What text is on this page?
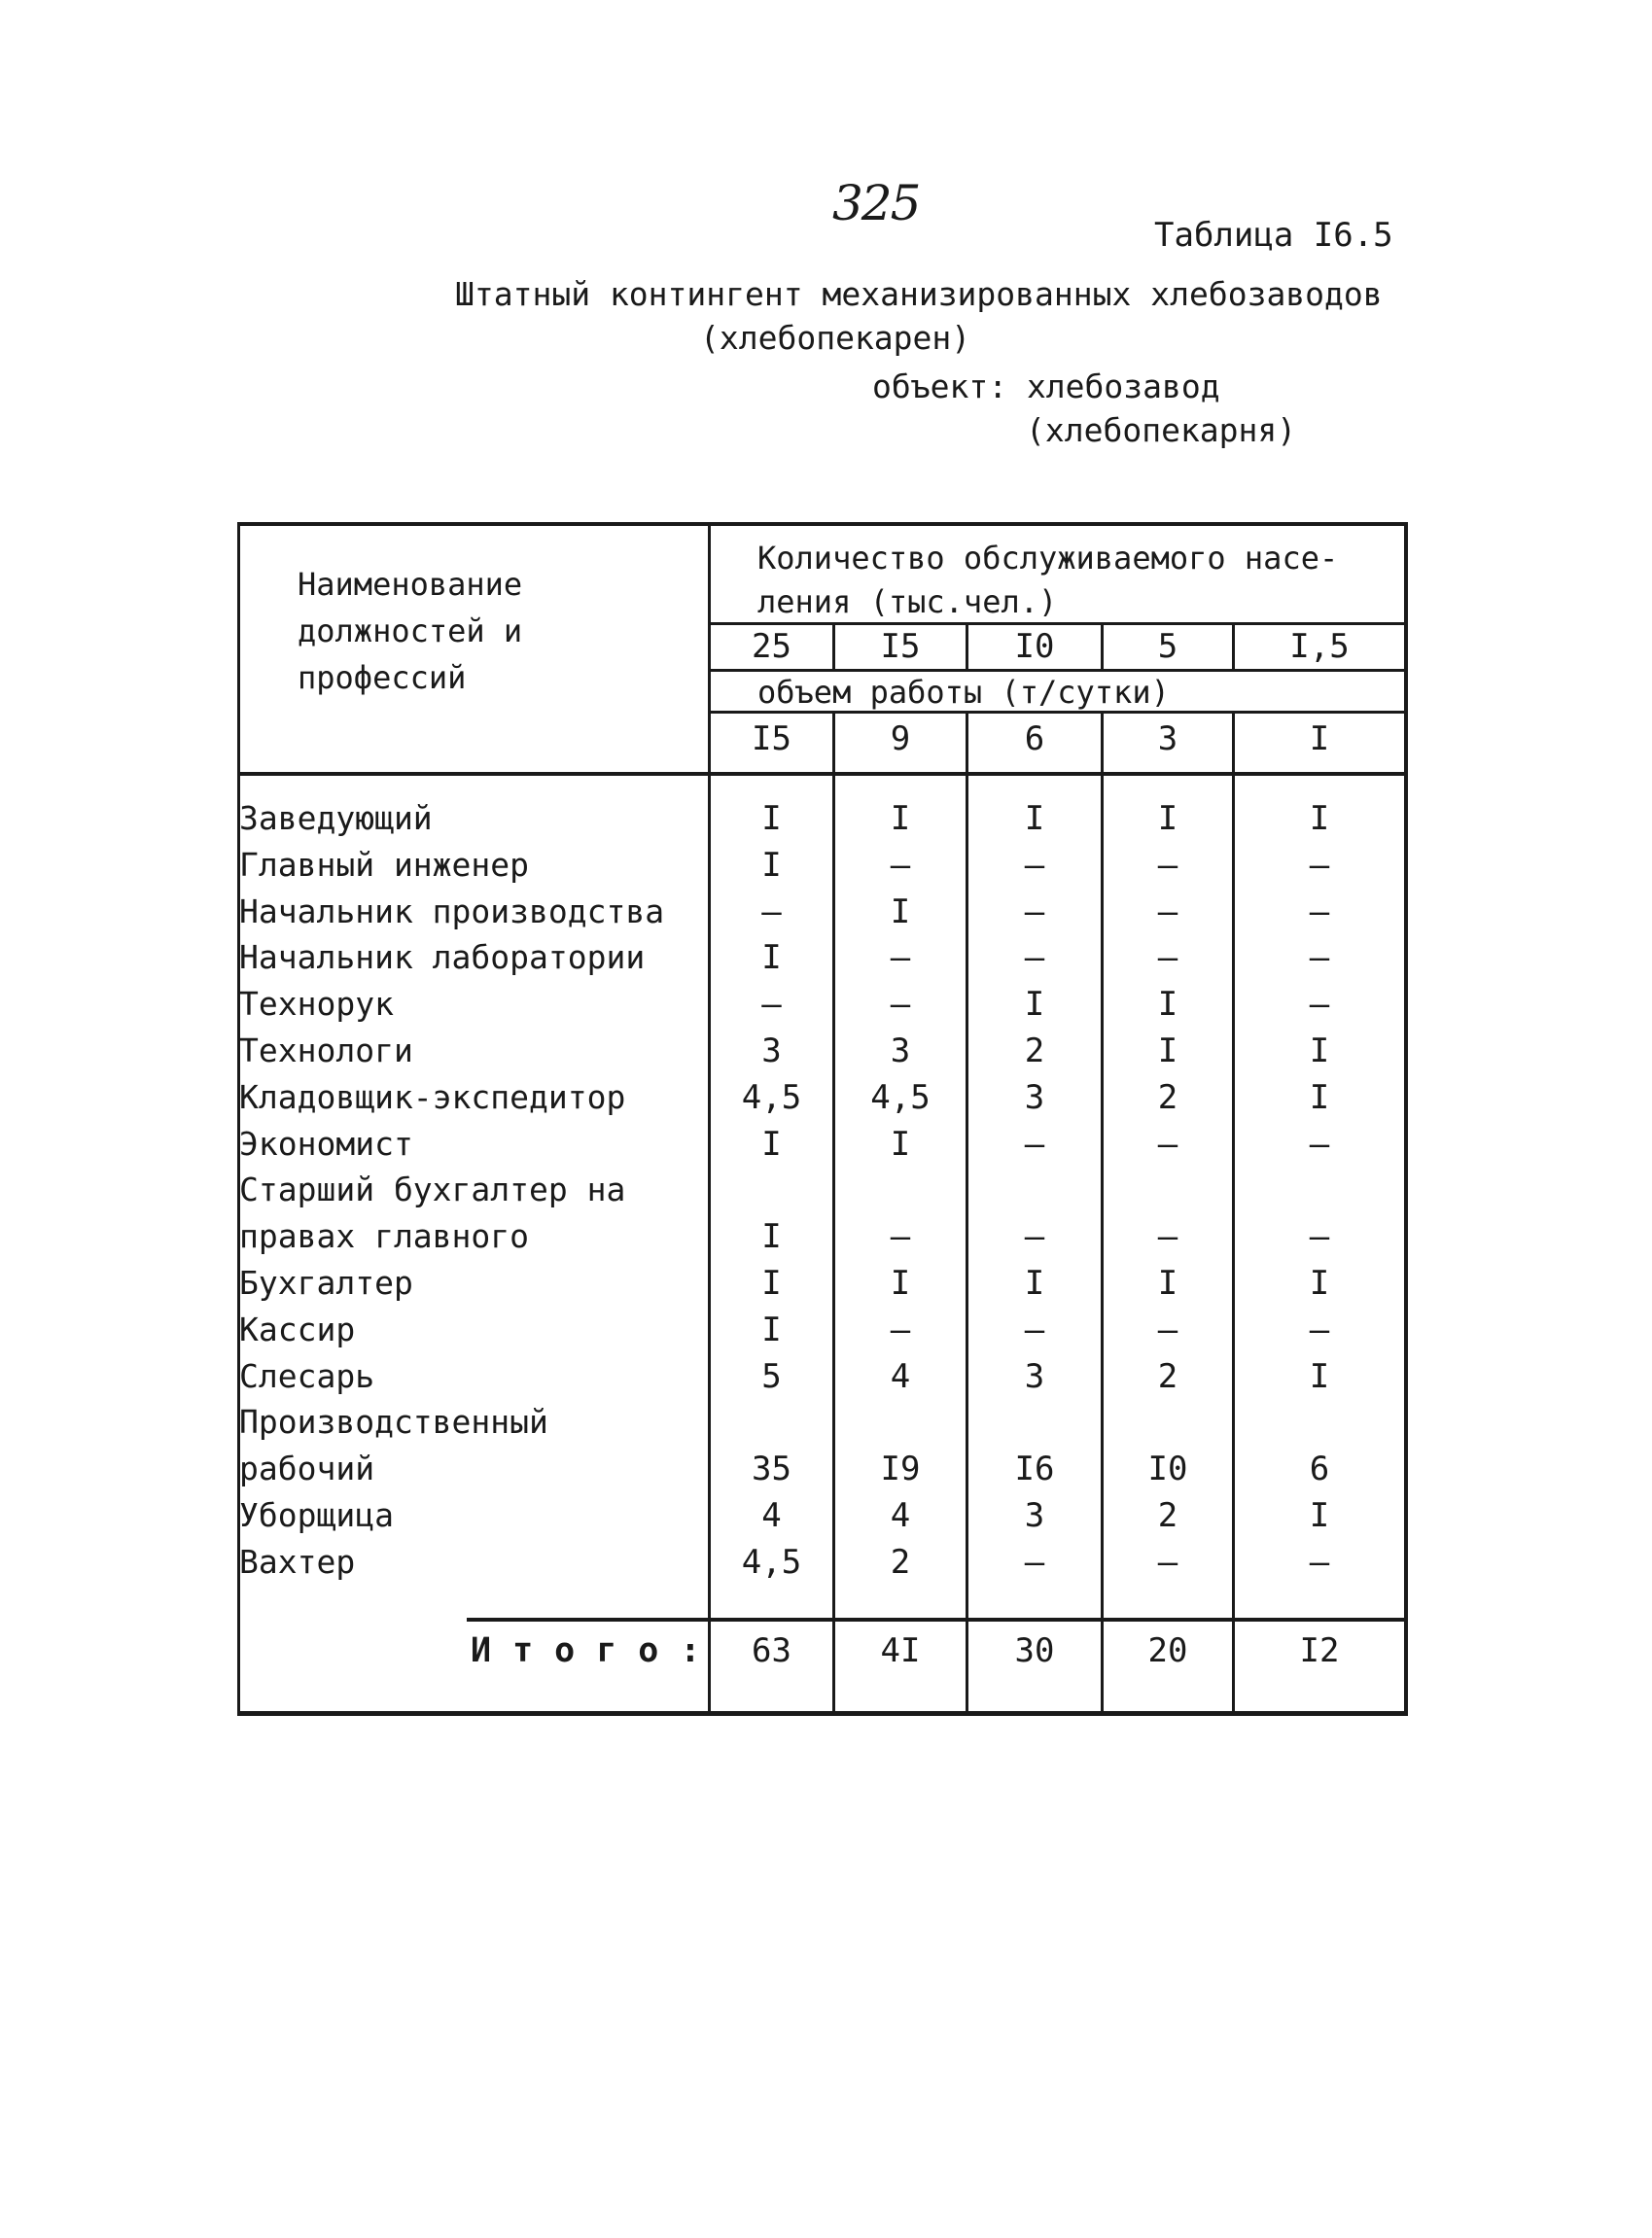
325
Таблица I6.5
Штатный контингент механизированных хлебозаводов
(хлебопекарен)
объект: хлебозавод
(хлебопекарня)
Наименование
должностей и
профессий
Количество обслуживаемого насе-
ления (тыс.чел.)
объем работы (т/сутки)
25	I5	I0	5	I,5
I5	9	6	3	I
Заведующий	I	I	I	I	I
Главный инженер	I	–	–	–	–
Начальник производства	–	I	–	–	–
Начальник лаборатории	I	–	–	–	–
Технорук	–	–	I	I	–
Технологи	3	3	2	I	I
Кладовщик-экспедитор	4,5	4,5	3	2	I
Экономист	I	I	–	–	–
Старший бухгалтер на
правах главного	I	–	–	–	–
Бухгалтер	I	I	I	I	I
Кассир	I	–	–	–	–
Слесарь	5	4	3	2	I
Производственный
рабочий	35	I9	I6	I0	6
Уборщица	4	4	3	2	I
Вахтер	4,5	2	–	–	–
Итого: 63	4I	30	20	I2
